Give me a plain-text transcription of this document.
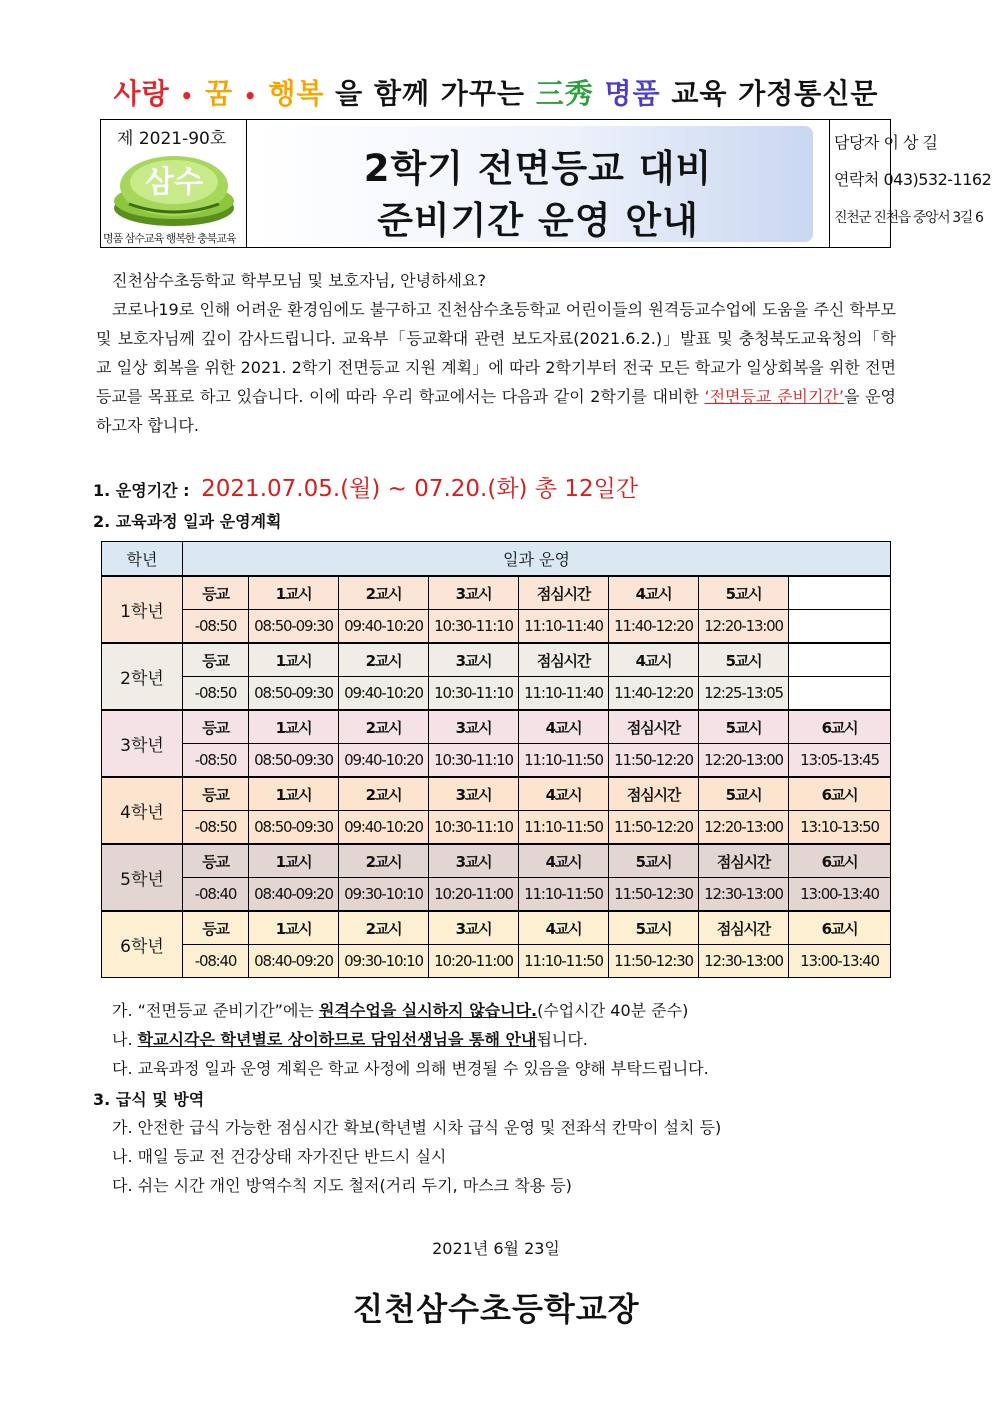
사랑 • 꿈 • 행복 을 함께 가꾸는 三秀 명품 교육 가정통신문
제 2021-90호
삼수
명품 삼수교육 행복한 충북교육
2학기 전면등교 대비
준비기간 운영 안내
담당자 이 상 길
연락처 043)532-1162
진천군 진천읍 중앙서 3길 6

진천삼수초등학교 학부모님 및 보호자님, 안녕하세요?

코로나19로 인해 어려운 환경임에도 불구하고 진천삼수초등학교 어린이들의 원격등교수업에 도움을 주신 학부모 및 보호자님께 깊이 감사드립니다. 교육부「등교확대 관련 보도자료(2021.6.2.)」발표 및 충청북도교육청의「학교 일상 회복을 위한 2021. 2학기 전면등교 지원 계획」에 따라 2학기부터 전국 모든 학교가 일상회복을 위한 전면등교를 목표로 하고 있습니다. 이에 따라 우리 학교에서는 다음과 같이 2학기를 대비한 ‘전면등교 준비기간’을 운영하고자 합니다.

1. 운영기간 : 2021.07.05.(월) ~ 07.20.(화) 총 12일간
2. 교육과정 일과 운영계획
학년	일과 운영							
1학년	등교	1교시	2교시	3교시	점심시간	4교시	5교시	
	-08:50	08:50-09:30	09:40-10:20	10:30-11:10	11:10-11:40	11:40-12:20	12:20-13:00	
2학년	등교	1교시	2교시	3교시	점심시간	4교시	5교시	
	-08:50	08:50-09:30	09:40-10:20	10:30-11:10	11:10-11:40	11:40-12:20	12:25-13:05	
3학년	등교	1교시	2교시	3교시	4교시	점심시간	5교시	6교시
	-08:50	08:50-09:30	09:40-10:20	10:30-11:10	11:10-11:50	11:50-12:20	12:20-13:00	13:05-13:45
4학년	등교	1교시	2교시	3교시	4교시	점심시간	5교시	6교시
	-08:50	08:50-09:30	09:40-10:20	10:30-11:10	11:10-11:50	11:50-12:20	12:20-13:00	13:10-13:50
5학년	등교	1교시	2교시	3교시	4교시	5교시	점심시간	6교시
	-08:40	08:40-09:20	09:30-10:10	10:20-11:00	11:10-11:50	11:50-12:30	12:30-13:00	13:00-13:40
6학년	등교	1교시	2교시	3교시	4교시	5교시	점심시간	6교시
	-08:40	08:40-09:20	09:30-10:10	10:20-11:00	11:10-11:50	11:50-12:30	12:30-13:00	13:00-13:40
가. “전면등교 준비기간”에는 원격수업을 실시하지 않습니다.(수업시간 40분 준수)
나. 학교시각은 학년별로 상이하므로 담임선생님을 통해 안내됩니다.
다. 교육과정 일과 운영 계획은 학교 사정에 의해 변경될 수 있음을 양해 부탁드립니다.
3. 급식 및 방역
가. 안전한 급식 가능한 점심시간 확보(학년별 시차 급식 운영 및 전좌석 칸막이 설치 등)
나. 매일 등교 전 건강상태 자가진단 반드시 실시
다. 쉬는 시간 개인 방역수칙 지도 철저(거리 두기, 마스크 착용 등)
2021년 6월 23일
진천삼수초등학교장
